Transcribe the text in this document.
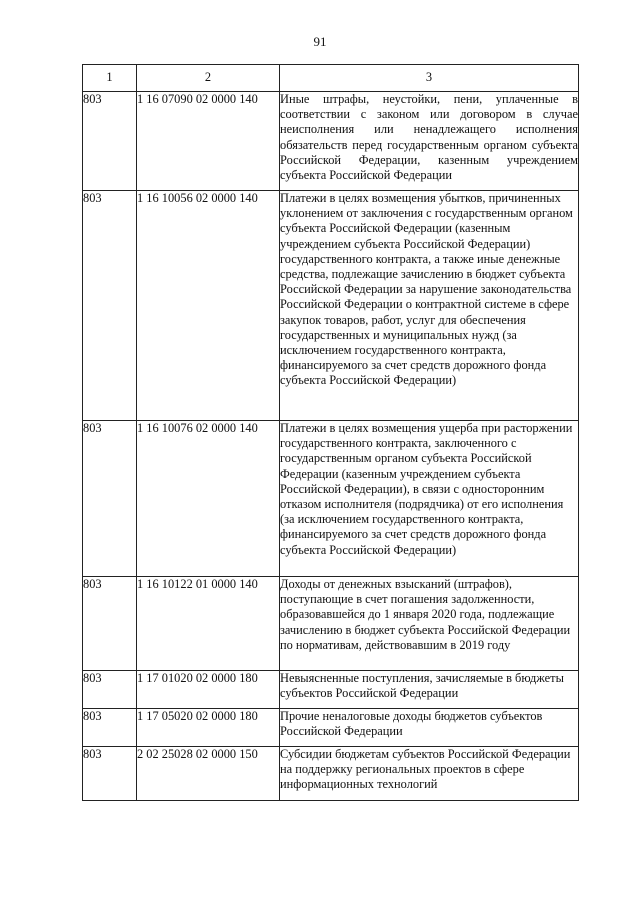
91
1	2	3
803	1 16 07090 02 0000 140	Иные штрафы, неустойки, пени, уплаченные в соответствии с законом или договором в случае неисполнения или ненадлежащего исполнения обязательств перед государственным органом субъекта Российской Федерации, казенным учреждением субъекта Российской Федерации
803	1 16 10056 02 0000 140	Платежи в целях возмещения убытков, причиненных уклонением от заключения с государственным органом субъекта Российской Федерации (казенным учреждением субъекта Российской Федерации) государственного контракта, а также иные денежные средства, подлежащие зачислению в бюджет субъекта Российской Федерации за нарушение законодательства Российской Федерации о контрактной системе в сфере закупок товаров, работ, услуг для обеспечения государственных и муниципальных нужд (за исключением государственного контракта, финансируемого за счет средств дорожного фонда субъекта Российской Федерации)
803	1 16 10076 02 0000 140	Платежи в целях возмещения ущерба при расторжении государственного контракта, заключенного с государственным органом субъекта Российской Федерации (казенным учреждением субъекта Российской Федерации), в связи с односторонним отказом исполнителя (подрядчика) от его исполнения (за исключением государственного контракта, финансируемого за счет средств дорожного фонда субъекта Российской Федерации)
803	1 16 10122 01 0000 140	Доходы от денежных взысканий (штрафов), поступающие в счет погашения задолженности, образовавшейся до 1 января 2020 года, подлежащие зачислению в бюджет субъекта Российской Федерации по нормативам, действовавшим в 2019 году
803	1 17 01020 02 0000 180	Невыясненные поступления, зачисляемые в бюджеты субъектов Российской Федерации
803	1 17 05020 02 0000 180	Прочие неналоговые доходы бюджетов субъектов Российской Федерации
803	2 02 25028 02 0000 150	Субсидии бюджетам субъектов Российской Федерации на поддержку региональных проектов в сфере информационных технологий
